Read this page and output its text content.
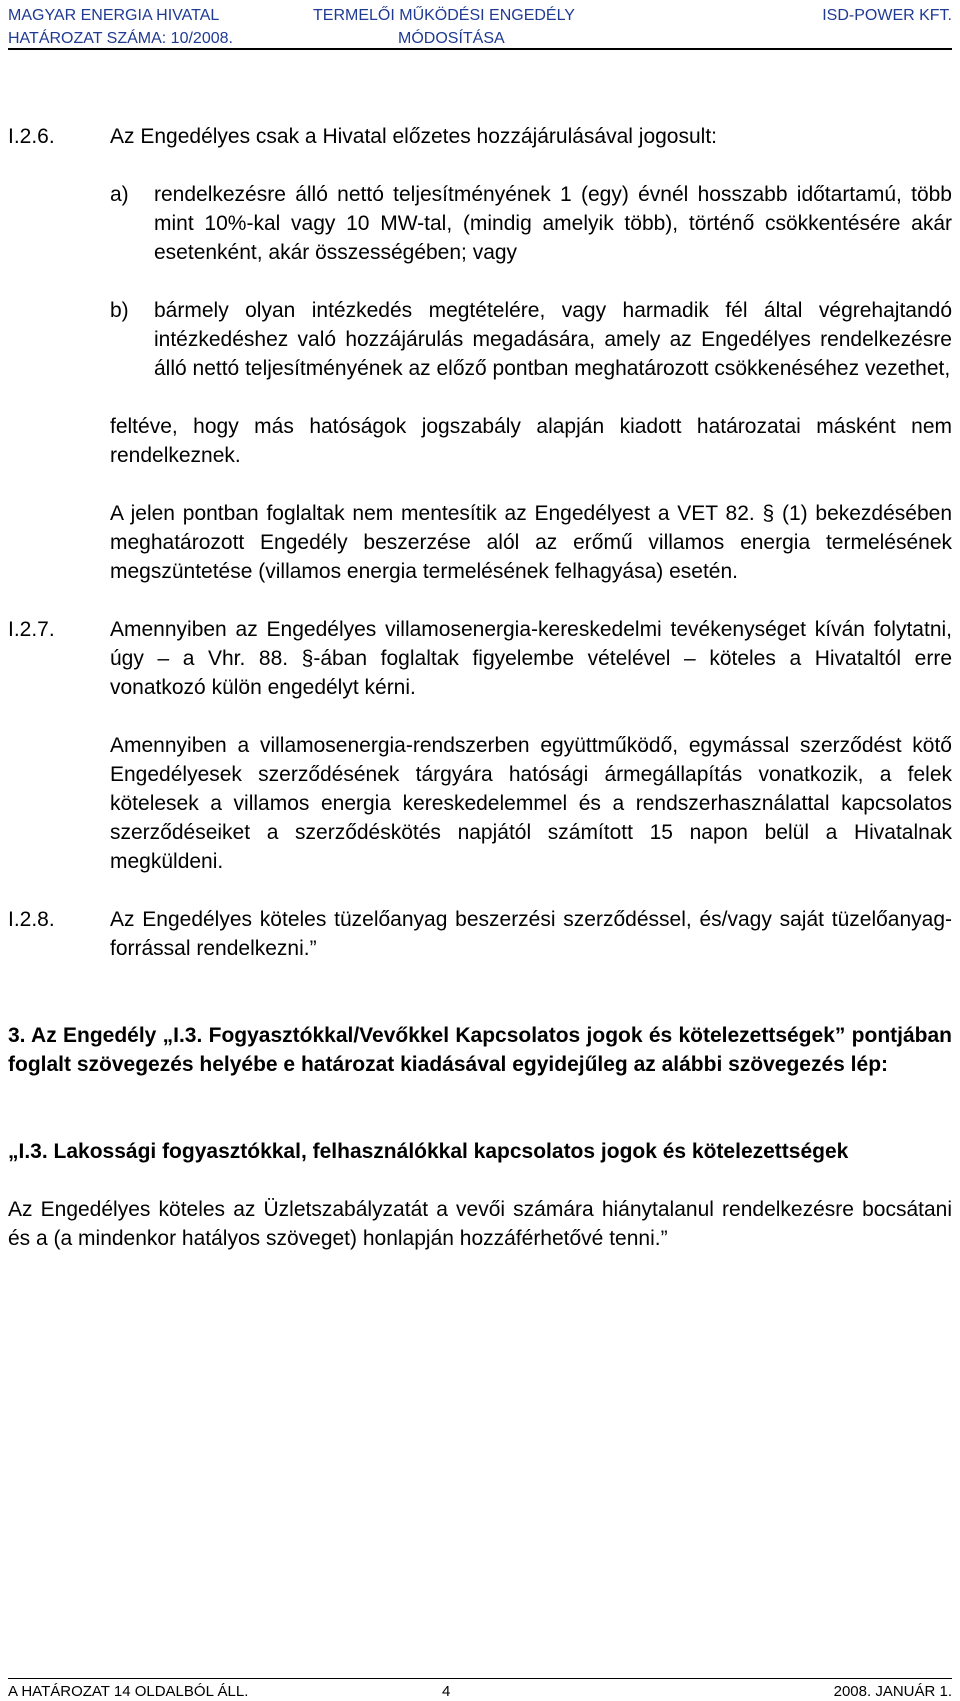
MAGYAR ENERGIA HIVATAL	TERMELŐI MŰKÖDÉSI ENGEDÉLY	ISD-POWER KFT.
HATÁROZAT SZÁMA: 10/2008.	MÓDOSÍTÁSA
I.2.6.	Az Engedélyes csak a Hivatal előzetes hozzájárulásával jogosult:

a) rendelkezésre álló nettó teljesítményének 1 (egy) évnél hosszabb időtartamú, több mint 10%-kal vagy 10 MW-tal, (mindig amelyik több), történő csökkentésére akár esetenként, akár összességében; vagy
b) bármely olyan intézkedés megtételére, vagy harmadik fél által végrehajtandó intézkedéshez való hozzájárulás megadására, amely az Engedélyes rendelkezésre álló nettó teljesítményének az előző pontban meghatározott csökkenéséhez vezethet,

feltéve, hogy más hatóságok jogszabály alapján kiadott határozatai másként nem rendelkeznek.

A jelen pontban foglaltak nem mentesítik az Engedélyest a VET 82. § (1) bekezdésében meghatározott Engedély beszerzése alól az erőmű villamos energia termelésének megszüntetése (villamos energia termelésének felhagyása) esetén.

I.2.7.	Amennyiben az Engedélyes villamosenergia-kereskedelmi tevékenységet kíván folytatni, úgy – a Vhr. 88. §-ában foglaltak figyelembe vételével – köteles a Hivataltól erre vonatkozó külön engedélyt kérni.

Amennyiben a villamosenergia-rendszerben együttműködő, egymással szerződést kötő Engedélyesek szerződésének tárgyára hatósági ármegállapítás vonatkozik, a felek kötelesek a villamos energia kereskedelemmel és a rendszerhasználattal kapcsolatos szerződéseiket a szerződéskötés napjától számított 15 napon belül a Hivatalnak megküldeni.

I.2.8.	Az Engedélyes köteles tüzelőanyag beszerzési szerződéssel, és/vagy saját tüzelőanyag-forrással rendelkezni.”

3. Az Engedély „I.3. Fogyasztókkal/Vevőkkel Kapcsolatos jogok és kötelezettségek” pontjában foglalt szövegezés helyébe e határozat kiadásával egyidejűleg az alábbi szövegezés lép:

„I.3. Lakossági fogyasztókkal, felhasználókkal kapcsolatos jogok és kötelezettségek

Az Engedélyes köteles az Üzletszabályzatát a vevői számára hiánytalanul rendelkezésre bocsátani és a (a mindenkor hatályos szöveget) honlapján hozzáférhetővé tenni.”

A HATÁROZAT 14 OLDALBÓL ÁLL.	4	2008. JANUÁR 1.
